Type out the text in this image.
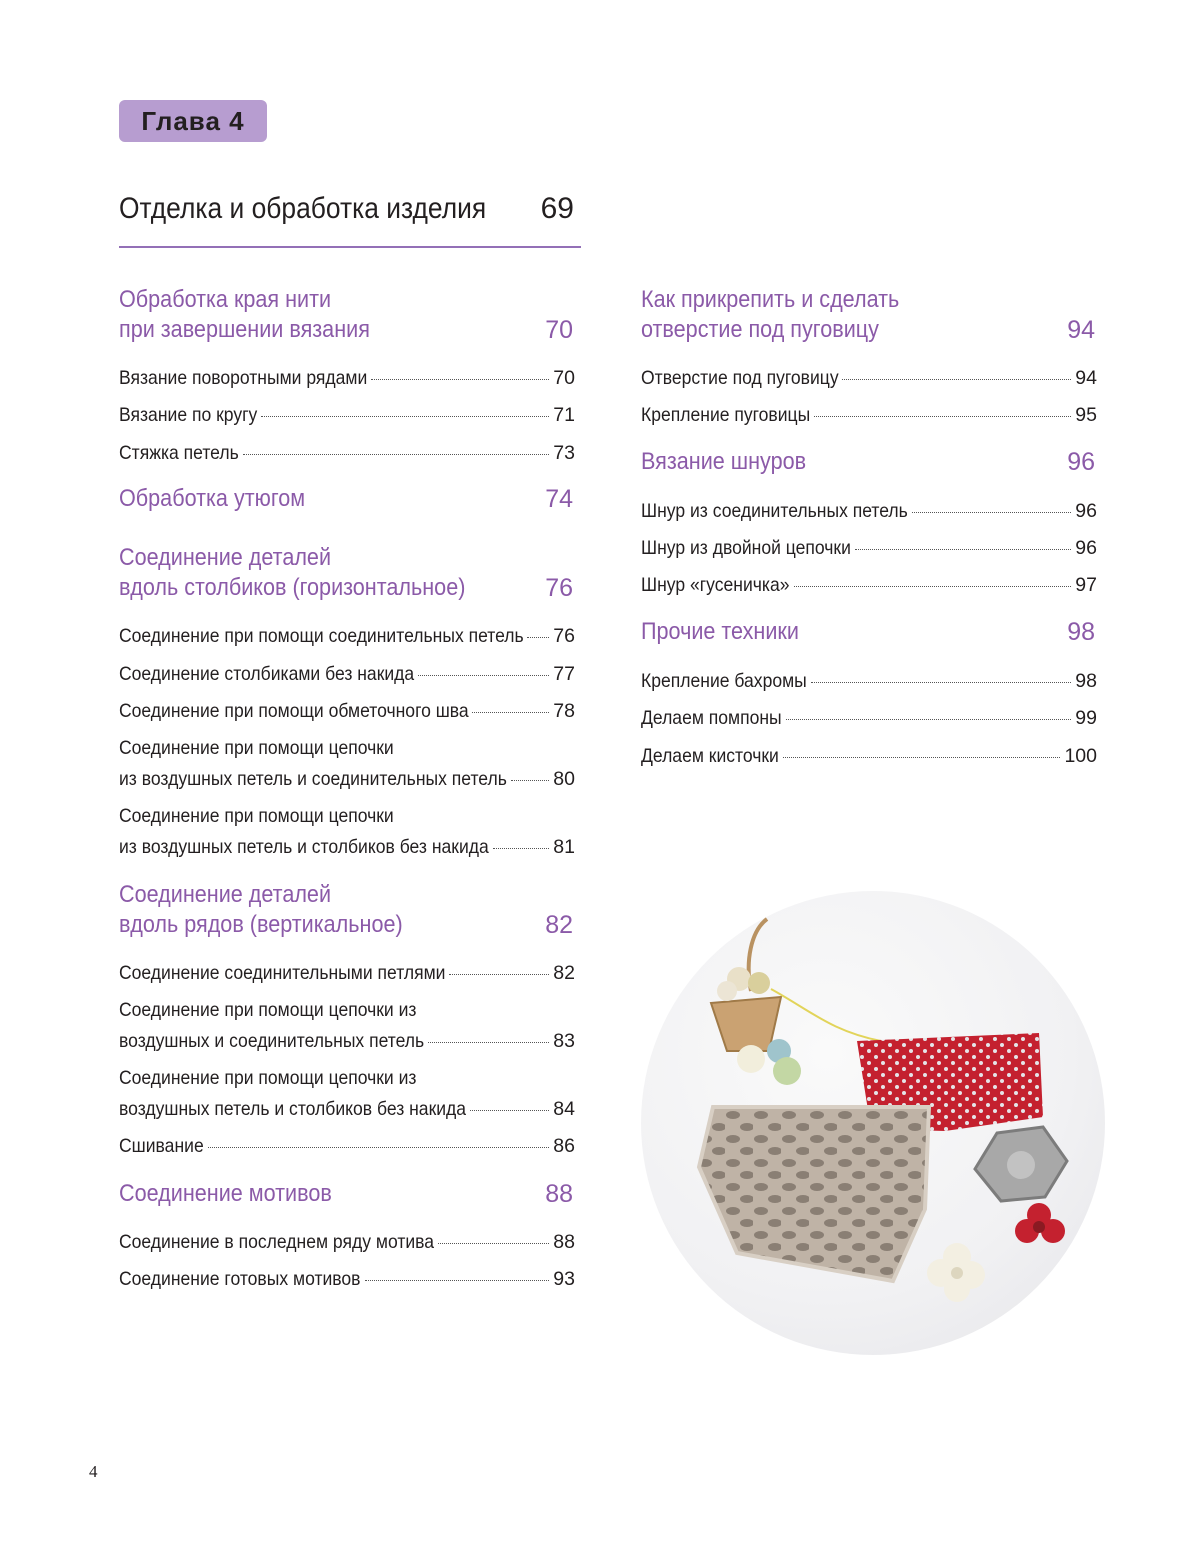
Глава 4
Отделка и обработка изделия 69
Обработка края нити
при завершении вязания	70
Вязание поворотными рядами	70
Вязание по кругу	71
Стяжка петель	73
Обработка утюгом	74
Соединение деталей
вдоль столбиков (горизонтальное)	76
Соединение при помощи соединительных петель 76
Соединение столбиками без накида	77
Соединение при помощи обметочного шва	78
Соединение при помощи цепочки
из воздушных петель и соединительных петель 80
Соединение при помощи цепочки
из воздушных петель и столбиков без накида	81
Соединение деталей
вдоль рядов (вертикальное)	82
Соединение соединительными петлями	82
Соединение при помощи цепочки из
воздушных и соединительных петель	83
Соединение при помощи цепочки из
воздушных петель и столбиков без накида	84
Сшивание	86
Соединение мотивов	88
Соединение в последнем ряду мотива	88
Соединение готовых мотивов	93
Как прикрепить и сделать
отверстие под пуговицу	94
Отверстие под пуговицу	94
Крепление пуговицы	95
Вязание шнуров	96
Шнур из соединительных петель	96
Шнур из двойной цепочки	96
Шнур «гусеничка»	97
Прочие техники	98
Крепление бахромы	98
Делаем помпоны	99
Делаем кисточки	100
4
